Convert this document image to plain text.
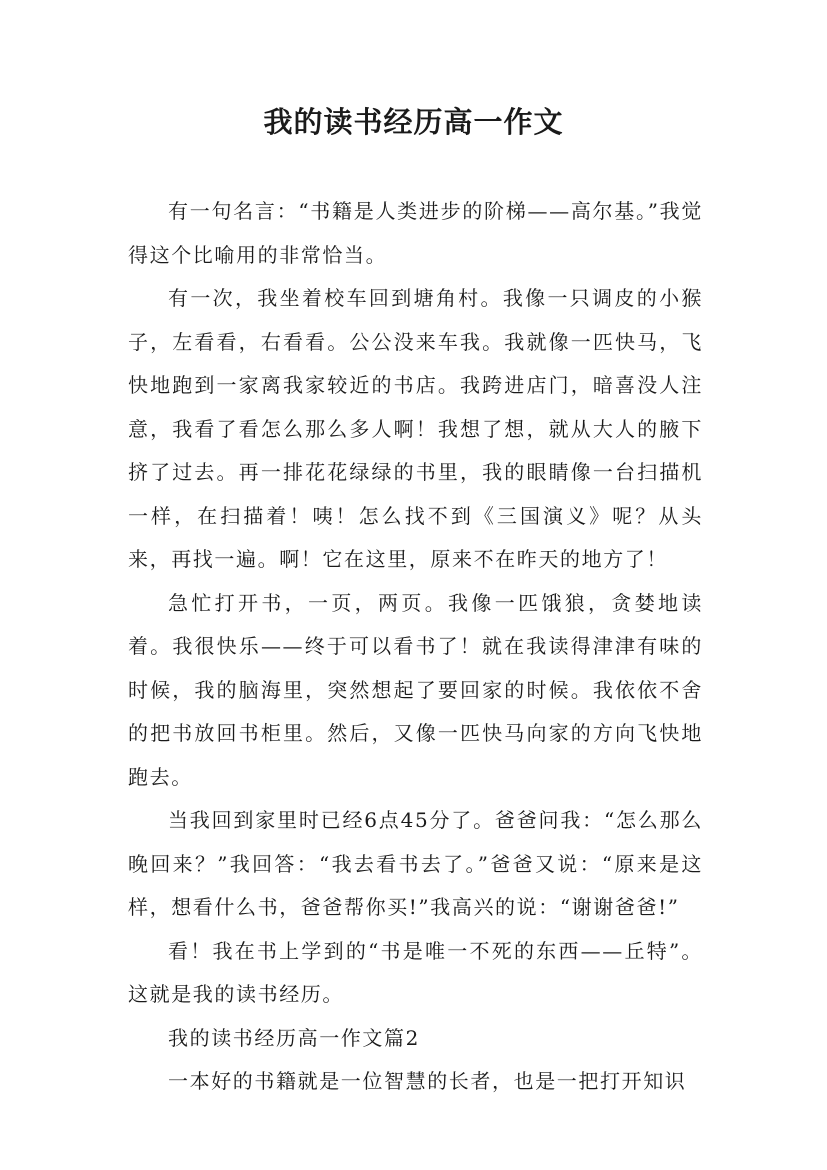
我的读书经历高一作文

有一句名言：“书籍是人类进步的阶梯——高尔基。”我觉得这个比喻用的非常恰当。

有一次，我坐着校车回到塘角村。我像一只调皮的小猴子，左看看，右看看。公公没来车我。我就像一匹快马，飞快地跑到一家离我家较近的书店。我跨进店门，暗喜没人注意，我看了看怎么那么多人啊！我想了想，就从大人的腋下挤了过去。再一排花花绿绿的书里，我的眼睛像一台扫描机一样，在扫描着！咦！怎么找不到《三国演义》呢？从头来，再找一遍。啊！它在这里，原来不在昨天的地方了！

急忙打开书，一页，两页。我像一匹饿狼，贪婪地读着。我很快乐——终于可以看书了！就在我读得津津有味的时候，我的脑海里，突然想起了要回家的时候。我依依不舍的把书放回书柜里。然后，又像一匹快马向家的方向飞快地跑去。

当我回到家里时已经6点45分了。爸爸问我：“怎么那么晚回来？”我回答：“我去看书去了。”爸爸又说：“原来是这样，想看什么书，爸爸帮你买!”我高兴的说：“谢谢爸爸!”

看！我在书上学到的“书是唯一不死的东西——丘特”。这就是我的读书经历。

我的读书经历高一作文篇2

一本好的书籍就是一位智慧的长者，也是一把打开知识
